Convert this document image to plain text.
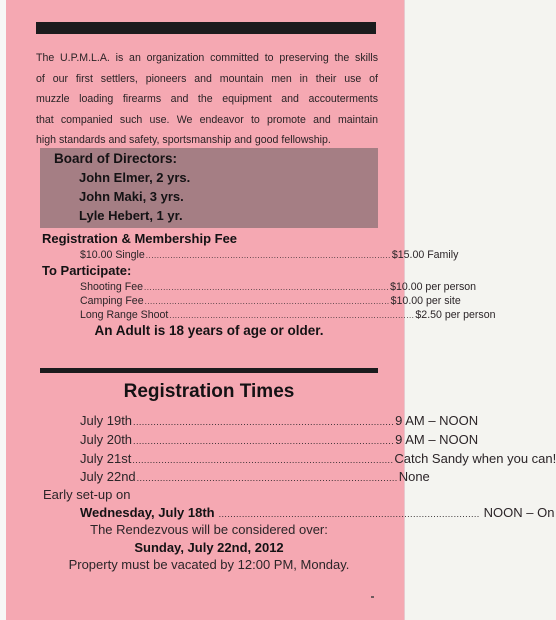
The U.P.M.L.A. is an organization committed to preserving the skills
of our first settlers, pioneers and mountain men in their use of
muzzle loading firearms and the equipment and accouterments
that companied such use. We endeavor to promote and maintain
high standards and safety, sportsmanship and good fellowship.
Board of Directors:
John Elmer, 2 yrs.
John Maki, 3 yrs.
Lyle Hebert, 1 yr.
Registration & Membership Fee
$10.00 Single .......................................................................................... $15.00 Family
To Participate:
Shooting Fee .......................................................................................... $10.00 per person
Camping Fee .......................................................................................... $10.00 per site
Long Range Shoot .......................................................................................... $2.50 per person
An Adult is 18 years of age or older.
Registration Times
July 19th .......................................................................................... 9 AM – NOON
July 20th .......................................................................................... 9 AM – NOON
July 21st .......................................................................................... Catch Sandy when you can!
July 22nd .......................................................................................... None
Early set-up on
Wednesday, July 18th .......................................................................................... NOON – On
The Rendezvous will be considered over:
Sunday, July 22nd, 2012
Property must be vacated by 12:00 PM, Monday.
